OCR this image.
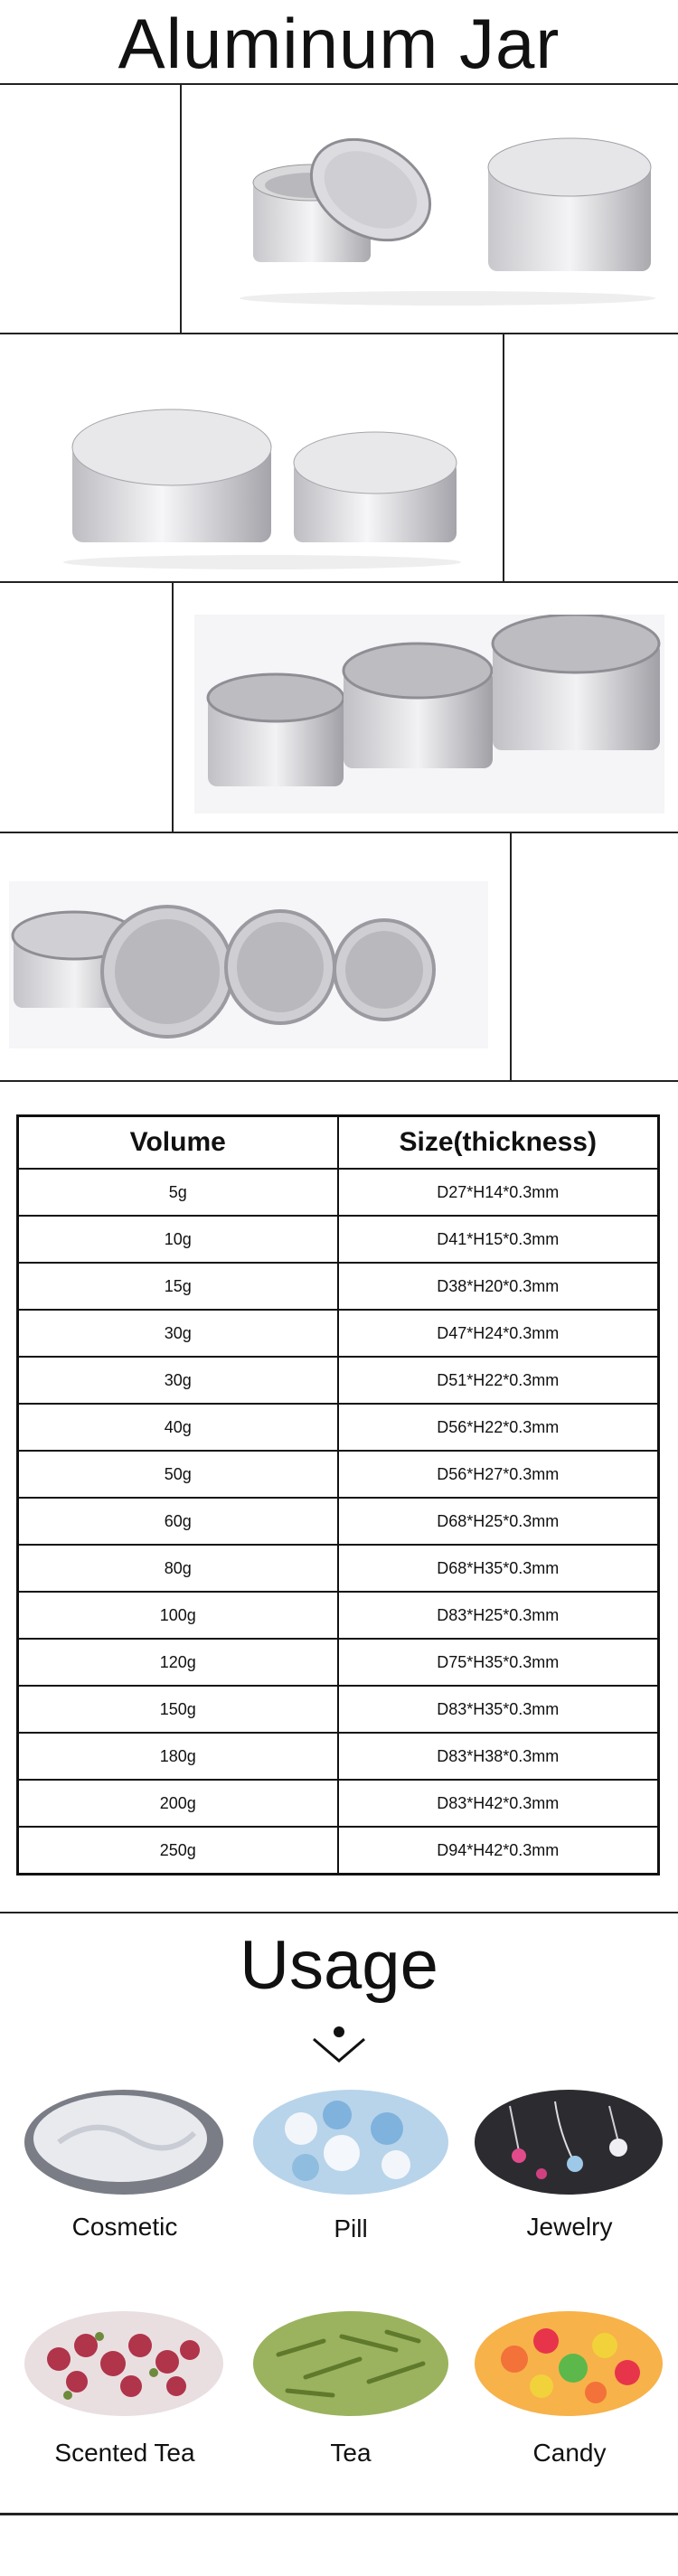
Aluminum Jar
Volume	Size(thickness)
5g	D27*H14*0.3mm
10g	D41*H15*0.3mm
15g	D38*H20*0.3mm
30g	D47*H24*0.3mm
30g	D51*H22*0.3mm
40g	D56*H22*0.3mm
50g	D56*H27*0.3mm
60g	D68*H25*0.3mm
80g	D68*H35*0.3mm
100g	D83*H25*0.3mm
120g	D75*H35*0.3mm
150g	D83*H35*0.3mm
180g	D83*H38*0.3mm
200g	D83*H42*0.3mm
250g	D94*H42*0.3mm
Usage
Cosmetic	Pill	Jewelry
Scented Tea	Tea	Candy
